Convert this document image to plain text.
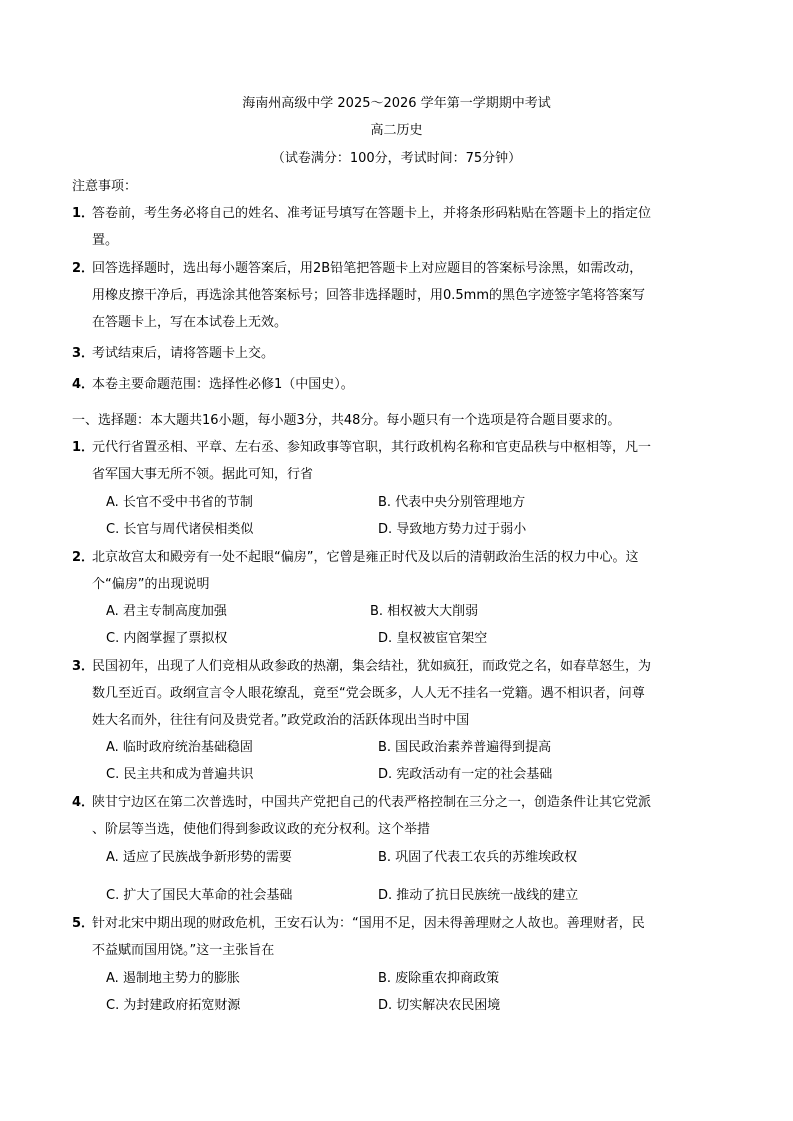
海南州高级中学 2025～2026 学年第一学期期中考试
高二历史
（试卷满分：100分，考试时间：75分钟）
注意事项：
1．
答卷前，考生务必将自己的姓名、准考证号填写在答题卡上，并将条形码粘贴在答题卡上的指定位
置。
2．
回答选择题时，选出每小题答案后，用2B铅笔把答题卡上对应题目的答案标号涂黑，如需改动，
用橡皮擦干净后，再选涂其他答案标号；回答非选择题时，用0.5mm的黑色字迹签字笔将答案写
在答题卡上，写在本试卷上无效。
3．
考试结束后，请将答题卡上交。
4．
本卷主要命题范围：选择性必修1（中国史）。
一、选择题：本大题共16小题，每小题3分，共48分。每小题只有一个选项是符合题目要求的。
1．
元代行省置丞相、平章、左右丞、参知政事等官职，其行政机构名称和官吏品秩与中枢相等，凡一
省军国大事无所不领。据此可知，行省
A. 长官不受中书省的节制	B. 代表中央分别管理地方
C. 长官与周代诸侯相类似	D. 导致地方势力过于弱小
2．
北京故宫太和殿旁有一处不起眼“偏房”，它曾是雍正时代及以后的清朝政治生活的权力中心。这
个“偏房”的出现说明
A. 君主专制高度加强	B. 相权被大大削弱
C. 内阁掌握了票拟权	D. 皇权被宦官架空
3．
民国初年，出现了人们竞相从政参政的热潮，集会结社，犹如疯狂，而政党之名，如春草怒生，为
数几至近百。政纲宣言令人眼花缭乱，竟至“党会既多，人人无不挂名一党籍。遇不相识者，问尊
姓大名而外，往往有问及贵党者。”政党政治的活跃体现出当时中国
A. 临时政府统治基础稳固	B. 国民政治素养普遍得到提高
C. 民主共和成为普遍共识	D. 宪政活动有一定的社会基础
4．
陕甘宁边区在第二次普选时，中国共产党把自己的代表严格控制在三分之一，创造条件让其它党派
、阶层等当选，使他们得到参政议政的充分权利。这个举措
A. 适应了民族战争新形势的需要	B. 巩固了代表工农兵的苏维埃政权
C. 扩大了国民大革命的社会基础	D. 推动了抗日民族统一战线的建立
5．
针对北宋中期出现的财政危机，王安石认为：“国用不足，因未得善理财之人故也。善理财者，民
不益赋而国用饶。”这一主张旨在
A. 遏制地主势力的膨胀	B. 废除重农抑商政策
C. 为封建政府拓宽财源	D. 切实解决农民困境
